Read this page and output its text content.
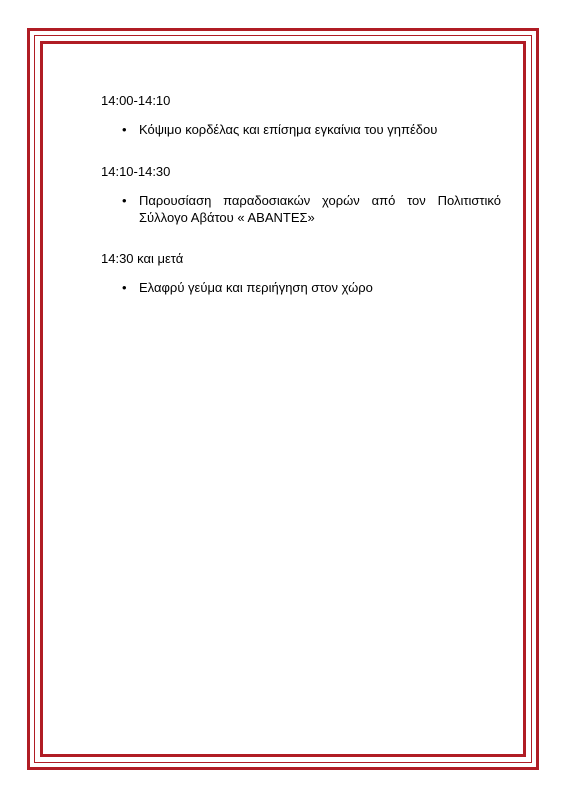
14:00-14:10

• Κόψιμο κορδέλας και επίσημα εγκαίνια του γηπέδου

14:10-14:30

• Παρουσίαση παραδοσιακών χορών από τον Πολιτιστικό Σύλλογο Αβάτου « ΑΒΑΝΤΕΣ»

14:30 και μετά

• Ελαφρύ γεύμα και περιήγηση στον χώρο
